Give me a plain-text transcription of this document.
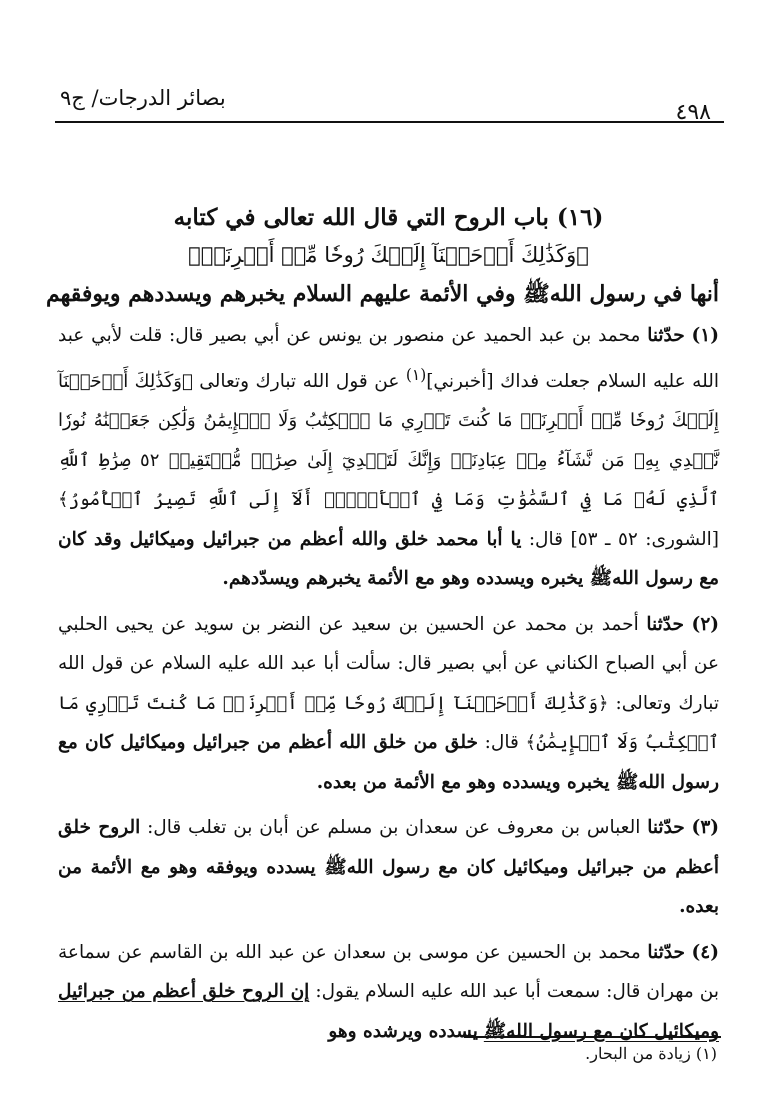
بصائر الدرجات/ ج٩
٤٩٨

(١٦) باب الروح التي قال الله تعالى في كتابه

﴿وَكَذَٰلِكَ أَوۡحَيۡنَآ إِلَيۡكَ رُوحٗا مِّنۡ أَمۡرِنَاۚ﴾

أنها في رسول اللهﷺ وفي الأئمة عليهم السلام يخبرهم ويسددهم ويوفقهم

(١) حدّثنا محمد بن عبد الحميد عن منصور بن يونس عن أبي بصير قال: قلت لأبي عبد الله عليه السلام جعلت فداك [أخبرني]$^{(١)}$ عن قول الله تبارك وتعالى ﴿وَكَذَٰلِكَ أَوۡحَيۡنَآ إِلَيۡكَ رُوحٗا مِّنۡ أَمۡرِنَاۚ مَا كُنتَ تَدۡرِي مَا ٱلۡكِتَٰبُ وَلَا ٱلۡإِيمَٰنُ وَلَٰكِن جَعَلۡنَٰهُ نُورٗا نَّهۡدِي بِهِۦ مَن نَّشَآءُ مِنۡ عِبَادِنَاۚ وَإِنَّكَ لَتَهۡدِيٓ إِلَىٰ صِرَٰطٖ مُّسۡتَقِيمٖ ٥٢ صِرَٰطِ ٱللَّهِ ٱلَّذِي لَهُۥ مَا فِي ٱلسَّمَٰوَٰتِ وَمَا فِي ٱلۡأَرۡضِۗ أَلَآ إِلَى ٱللَّهِ تَصِيرُ ٱلۡأُمُورُ﴾ [الشورى: ٥٢ ـ ٥٣] قال: يا أبا محمد خلق والله أعظم من جبرائيل وميكائيل وقد كان مع رسول اللهﷺ يخبره ويسدده وهو مع الأئمة يخبرهم ويسدّدهم.

(٢) حدّثنا أحمد بن محمد عن الحسين بن سعيد عن النضر بن سويد عن يحيى الحلبي عن أبي الصباح الكناني عن أبي بصير قال: سألت أبا عبد الله عليه السلام عن قول الله تبارك وتعالى: ﴿وَكَذَٰلِكَ أَوۡحَيۡنَآ إِلَيۡكَ رُوحٗا مِّنۡ أَمۡرِنَاۚ مَا كُنتَ تَدۡرِي مَا ٱلۡكِتَٰبُ وَلَا ٱلۡإِيمَٰنُ﴾ قال: خلق من خلق الله أعظم من جبرائيل وميكائيل كان مع رسول اللهﷺ يخبره ويسدده وهو مع الأئمة من بعده.

(٣) حدّثنا العباس بن معروف عن سعدان بن مسلم عن أبان بن تغلب قال: الروح خلق أعظم من جبرائيل وميكائيل كان مع رسول اللهﷺ يسدده ويوفقه وهو مع الأئمة من بعده.

(٤) حدّثنا محمد بن الحسين عن موسى بن سعدان عن عبد الله بن القاسم عن سماعة بن مهران قال: سمعت أبا عبد الله عليه السلام يقول: إن الروح خلق أعظم من جبرائيل وميكائيل كان مع رسول اللهﷺ يسدده ويرشده وهو

(١) زيادة من البحار.
